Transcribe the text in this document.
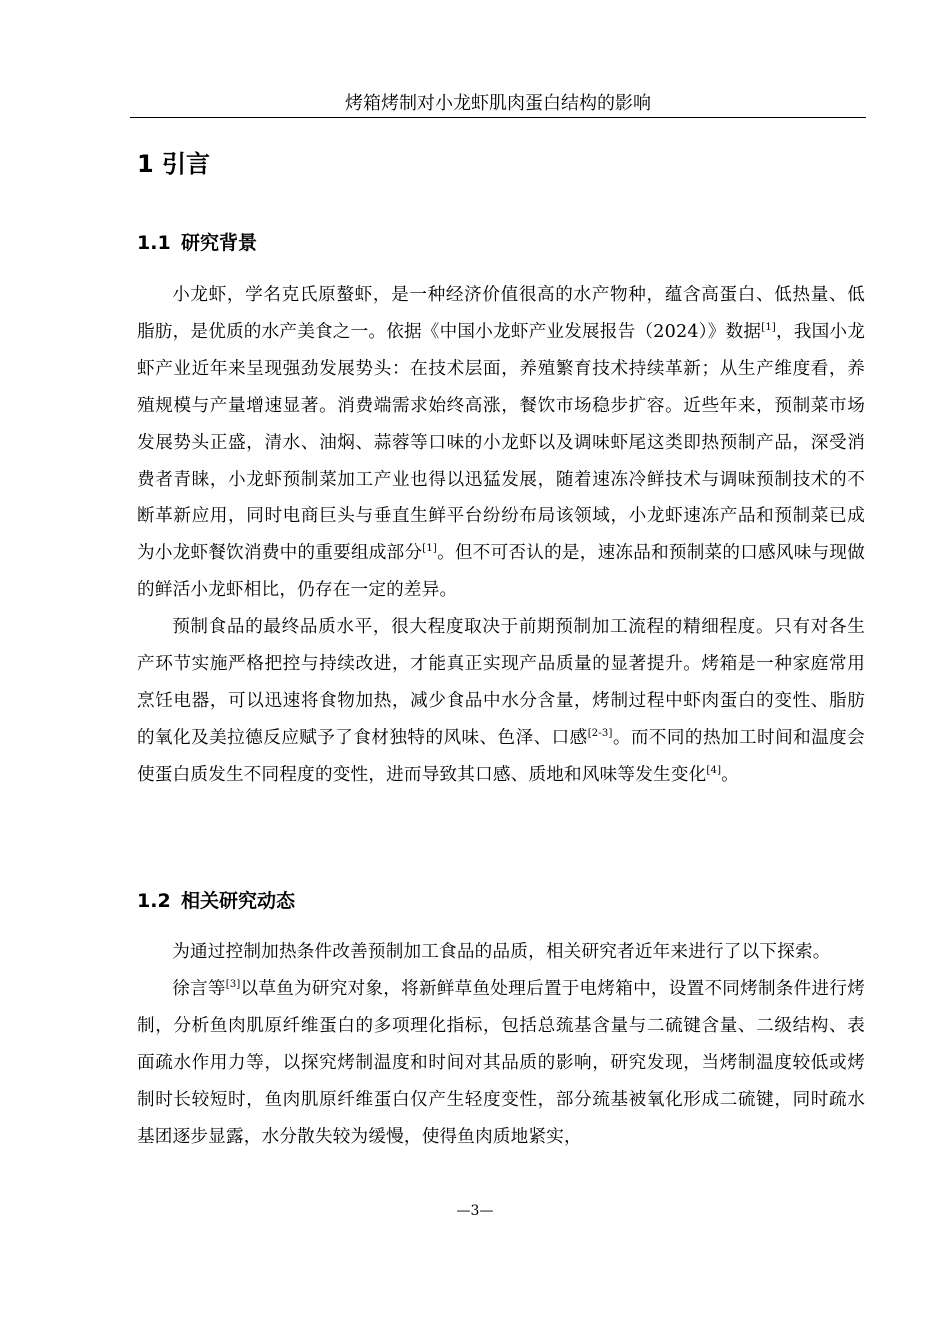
烤箱烤制对小龙虾肌肉蛋白结构的影响
1 引言
1.1 研究背景

小龙虾，学名克氏原螯虾，是一种经济价值很高的水产物种，蕴含高蛋白、低热量、低脂肪，是优质的水产美食之一。依据《中国小龙虾产业发展报告（2024）》数据[1]，我国小龙虾产业近年来呈现强劲发展势头：在技术层面，养殖繁育技术持续革新；从生产维度看，养殖规模与产量增速显著。消费端需求始终高涨，餐饮市场稳步扩容。近些年来，预制菜市场发展势头正盛，清水、油焖、蒜蓉等口味的小龙虾以及调味虾尾这类即热预制产品，深受消费者青睐，小龙虾预制菜加工产业也得以迅猛发展，随着速冻冷鲜技术与调味预制技术的不断革新应用，同时电商巨头与垂直生鲜平台纷纷布局该领域，小龙虾速冻产品和预制菜已成为小龙虾餐饮消费中的重要组成部分[1]。但不可否认的是，速冻品和预制菜的口感风味与现做的鲜活小龙虾相比，仍存在一定的差异。

预制食品的最终品质水平，很大程度取决于前期预制加工流程的精细程度。只有对各生产环节实施严格把控与持续改进，才能真正实现产品质量的显著提升。烤箱是一种家庭常用烹饪电器，可以迅速将食物加热，减少食品中水分含量，烤制过程中虾肉蛋白的变性、脂肪的氧化及美拉德反应赋予了食材独特的风味、色泽、口感[2-3]。而不同的热加工时间和温度会使蛋白质发生不同程度的变性，进而导致其口感、质地和风味等发生变化[4]。

1.2 相关研究动态

为通过控制加热条件改善预制加工食品的品质，相关研究者近年来进行了以下探索。

徐言等[3]以草鱼为研究对象，将新鲜草鱼处理后置于电烤箱中，设置不同烤制条件进行烤制，分析鱼肉肌原纤维蛋白的多项理化指标，包括总巯基含量与二硫键含量、二级结构、表面疏水作用力等，以探究烤制温度和时间对其品质的影响，研究发现，当烤制温度较低或烤制时长较短时，鱼肉肌原纤维蛋白仅产生轻度变性，部分巯基被氧化形成二硫键，同时疏水基团逐步显露，水分散失较为缓慢，使得鱼肉质地紧实，

—3—
